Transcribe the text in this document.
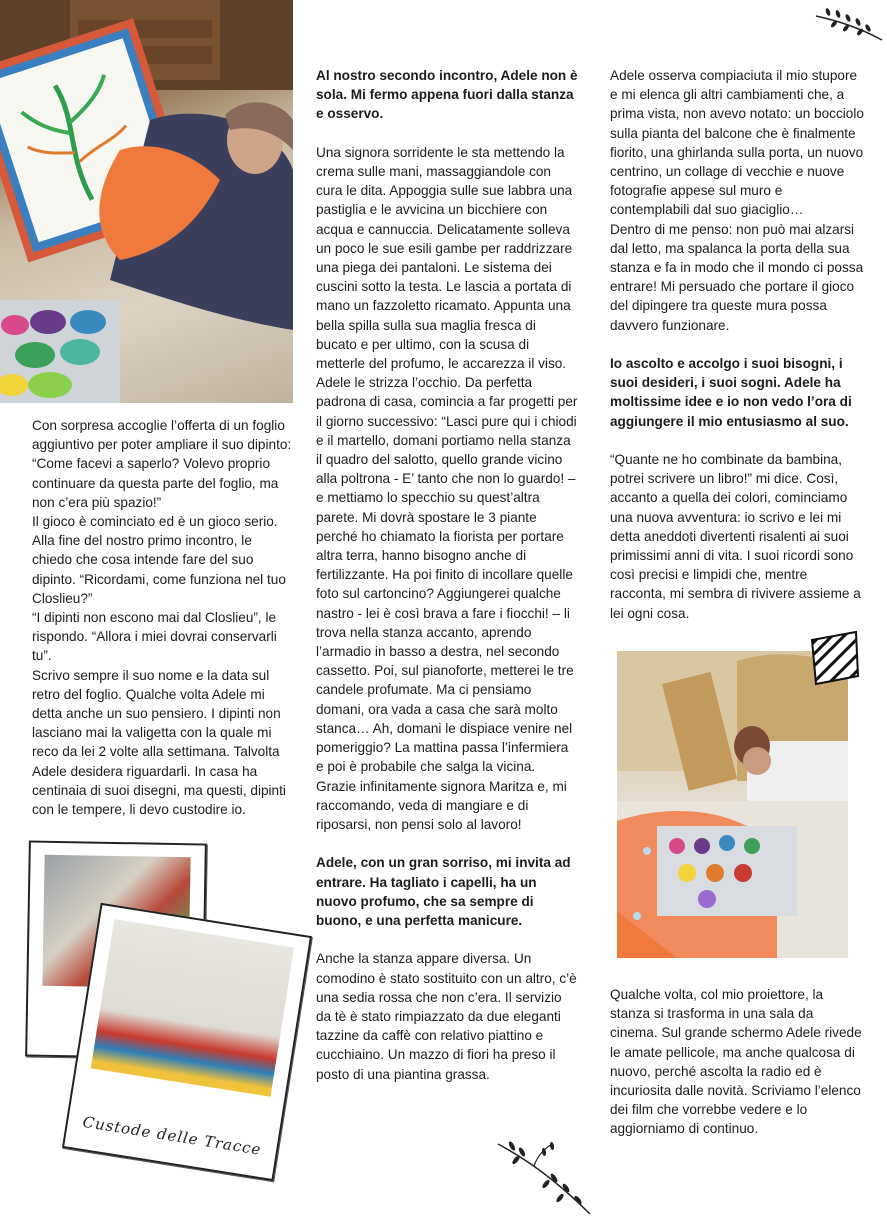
Con sorpresa accoglie l’offerta di un foglio aggiuntivo per poter ampliare il suo dipinto: “Come facevi a saperlo? Volevo proprio continuare da questa parte del foglio, ma non c’era più spazio!”
Il gioco è cominciato ed è un gioco serio. Alla fine del nostro primo incontro, le chiedo che cosa intende fare del suo dipinto. “Ricordami, come funziona nel tuo Closlieu?”
“I dipinti non escono mai dal Closlieu”, le rispondo. “Allora i miei dovrai conservarli tu”.
Scrivo sempre il suo nome e la data sul retro del foglio. Qualche volta Adele mi detta anche un suo pensiero. I dipinti non lasciano mai la valigetta con la quale mi reco da lei 2 volte alla settimana. Talvolta Adele desidera riguardarli. In casa ha centinaia di suoi disegni, ma questi, dipinti con le tempere, li devo custodire io.

Al nostro secondo incontro, Adele non è sola. Mi fermo appena fuori dalla stanza e osservo.

Una signora sorridente le sta mettendo la crema sulle mani, massaggiandole con cura le dita. Appoggia sulle sue labbra una pastiglia e le avvicina un bicchiere con acqua e cannuccia. Delicatamente solleva un poco le sue esili gambe per raddrizzare una piega dei pantaloni. Le sistema dei cuscini sotto la testa. Le lascia a portata di mano un fazzoletto ricamato. Appunta una bella spilla sulla sua maglia fresca di bucato e per ultimo, con la scusa di metterle del profumo, le accarezza il viso. Adele le strizza l’occhio. Da perfetta padrona di casa, comincia a far progetti per il giorno successivo: “Lasci pure qui i chiodi e il martello, domani portiamo nella stanza il quadro del salotto, quello grande vicino alla poltrona - E’ tanto che non lo guardo! – e mettiamo lo specchio su quest’altra parete. Mi dovrà spostare le 3 piante perché ho chiamato la fiorista per portare altra terra, hanno bisogno anche di fertilizzante. Ha poi finito di incollare quelle foto sul cartoncino? Aggiungerei qualche nastro - lei è così brava a fare i fiocchi! – li trova nella stanza accanto, aprendo l’armadio in basso a destra, nel secondo cassetto. Poi, sul pianoforte, metterei le tre candele profumate. Ma ci pensiamo domani, ora vada a casa che sarà molto stanca… Ah, domani le dispiace venire nel pomeriggio? La mattina passa l’infermiera e poi è probabile che salga la vicina. Grazie infinitamente signora Maritza e, mi raccomando, veda di mangiare e di riposarsi, non pensi solo al lavoro!

Adele, con un gran sorriso, mi invita ad entrare. Ha tagliato i capelli, ha un nuovo profumo, che sa sempre di buono, e una perfetta manicure.

Anche la stanza appare diversa. Un comodino è stato sostituito con un altro, c’è una sedia rossa che non c’era. Il servizio da tè è stato rimpiazzato da due eleganti tazzine da caffè con relativo piattino e cucchiaino. Un mazzo di fiori ha preso il posto di una piantina grassa.

Adele osserva compiaciuta il mio stupore e mi elenca gli altri cambiamenti che, a prima vista, non avevo notato: un bocciolo sulla pianta del balcone che è finalmente fiorito, una ghirlanda sulla porta, un nuovo centrino, un collage di vecchie e nuove fotografie appese sul muro e contemplabili dal suo giaciglio…
Dentro di me penso: non può mai alzarsi dal letto, ma spalanca la porta della sua stanza e fa in modo che il mondo ci possa entrare! Mi persuado che portare il gioco del dipingere tra queste mura possa davvero funzionare.

Io ascolto e accolgo i suoi bisogni, i suoi desideri, i suoi sogni. Adele ha moltissime idee e io non vedo l’ora di aggiungere il mio entusiasmo al suo.

“Quante ne ho combinate da bambina, potrei scrivere un libro!” mi dice. Così, accanto a quella dei colori, cominciamo una nuova avventura: io scrivo e lei mi detta aneddoti divertenti risalenti ai suoi primissimi anni di vita. I suoi ricordi sono così precisi e limpidi che, mentre racconta, mi sembra di rivivere assieme a lei ogni cosa.

Qualche volta, col mio proiettore, la stanza si trasforma in una sala da cinema. Sul grande schermo Adele rivede le amate pellicole, ma anche qualcosa di nuovo, perché ascolta la radio ed è incuriosita dalle novità. Scriviamo l’elenco dei film che vorrebbe vedere e lo aggiorniamo di continuo.

Custode delle Tracce
